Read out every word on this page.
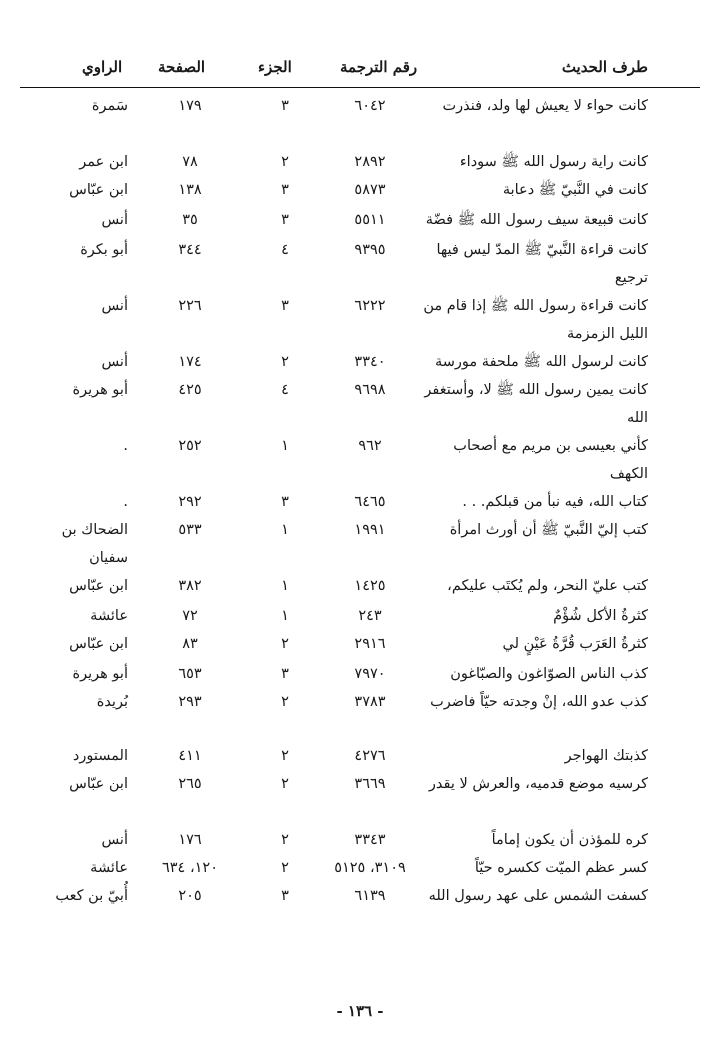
طرف الحديث
رقم الترجمة
الجزء
الصفحة
الراوي
كانت حواء لا يعيش لها ولد، فنذرت
٦٠٤٢
٣
١٧٩
سَمرة
كانت راية رسول الله ﷺ سوداء
٢٨٩٢
٢
٧٨
ابن عمر
كانت في النَّبيّ ﷺ دعابة
٥٨٧٣
٣
١٣٨
ابن عبّاس
كانت قبيعة سيف رسول الله ﷺ فضّة
٥٥١١
٣
٣٥
أنس
كانت قراءة النَّبيّ ﷺ المدّ ليس فيها ترجيع
٩٣٩٥
٤
٣٤٤
أبو بكرة
كانت قراءة رسول الله ﷺ إذا قام من الليل الزمزمة
٦٢٢٢
٣
٢٢٦
أنس
كانت لرسول الله ﷺ ملحفة مورسة
٣٣٤٠
٢
١٧٤
أنس
كانت يمين رسول الله ﷺ لا، وأستغفر الله
٩٦٩٨
٤
٤٢٥
أبو هريرة
كأني بعيسى بن مريم مع أصحاب الكهف
٩٦٢
١
٢٥٢
.
كتاب الله، فيه نبأ من قبلكم. . .
٦٤٦٥
٣
٢٩٢
.
كتب إليّ النَّبيّ ﷺ أن أورث امرأة
١٩٩١
١
٥٣٣
الضحاك بن سفيان
كتب عليّ النحر، ولم يُكتَب عليكم،
١٤٢٥
١
٣٨٢
ابن عبّاس
كثرةُ الأكل شُؤْمٌ
٢٤٣
١
٧٢
عائشة
كثرةُ العَرَب قُرَّةُ عَيْنٍ لي
٢٩١٦
٢
٨٣
ابن عبّاس
كذب الناس الصوّاغون والصبّاغون
٧٩٧٠
٣
٦٥٣
أبو هريرة
كذب عدو الله، إنْ وجدته حيّاً فاضرب
٣٧٨٣
٢
٢٩٣
بُريدة
كذبتك الهواجر
٤٢٧٦
٢
٤١١
المستورد
كرسيه موضع قدميه، والعرش لا يقدر
٣٦٦٩
٢
٢٦٥
ابن عبّاس
كره للمؤذن أن يكون إماماً
٣٣٤٣
٢
١٧٦
أنس
كسر عظم الميّت ككسره حيّاً
٣١٠٩، ٥١٢٥
٢
١٢٠، ٦٣٤
عائشة
كسفت الشمس على عهد رسول الله
٦١٣٩
٣
٢٠٥
أُبيّ بن كعب
- ١٣٦ -
